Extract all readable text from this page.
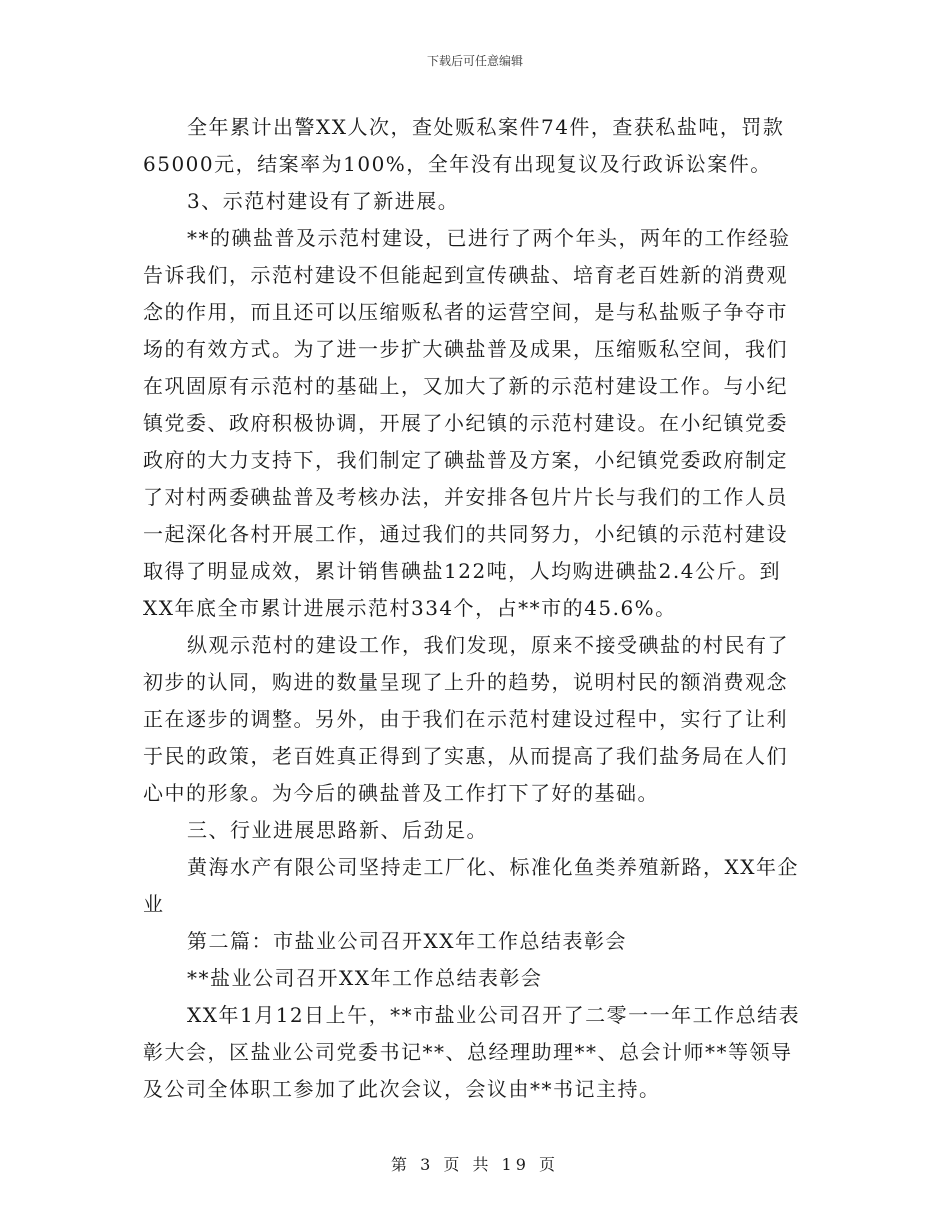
下载后可任意编辑
全年累计出警XX人次，查处贩私案件74件，查获私盐吨，罚款
65000元，结案率为100%，全年没有出现复议及行政诉讼案件。
3、示范村建设有了新进展。
**的碘盐普及示范村建设，已进行了两个年头，两年的工作经验
告诉我们，示范村建设不但能起到宣传碘盐、培育老百姓新的消费观
念的作用，而且还可以压缩贩私者的运营空间，是与私盐贩子争夺市
场的有效方式。为了进一步扩大碘盐普及成果，压缩贩私空间，我们
在巩固原有示范村的基础上，又加大了新的示范村建设工作。与小纪
镇党委、政府积极协调，开展了小纪镇的示范村建设。在小纪镇党委
政府的大力支持下，我们制定了碘盐普及方案，小纪镇党委政府制定
了对村两委碘盐普及考核办法，并安排各包片片长与我们的工作人员
一起深化各村开展工作，通过我们的共同努力，小纪镇的示范村建设
取得了明显成效，累计销售碘盐122吨，人均购进碘盐2.4公斤。到
XX年底全市累计进展示范村334个，占**市的45.6%。
纵观示范村的建设工作，我们发现，原来不接受碘盐的村民有了
初步的认同，购进的数量呈现了上升的趋势，说明村民的额消费观念
正在逐步的调整。另外，由于我们在示范村建设过程中，实行了让利
于民的政策，老百姓真正得到了实惠，从而提高了我们盐务局在人们
心中的形象。为今后的碘盐普及工作打下了好的基础。
三、行业进展思路新、后劲足。
黄海水产有限公司坚持走工厂化、标准化鱼类养殖新路，XX年企
业
第二篇：市盐业公司召开XX年工作总结表彰会
**盐业公司召开XX年工作总结表彰会
XX年1月12日上午，**市盐业公司召开了二零一一年工作总结表
彰大会，区盐业公司党委书记**、总经理助理**、总会计师**等领导
及公司全体职工参加了此次会议，会议由**书记主持。
第 3 页 共 19 页
